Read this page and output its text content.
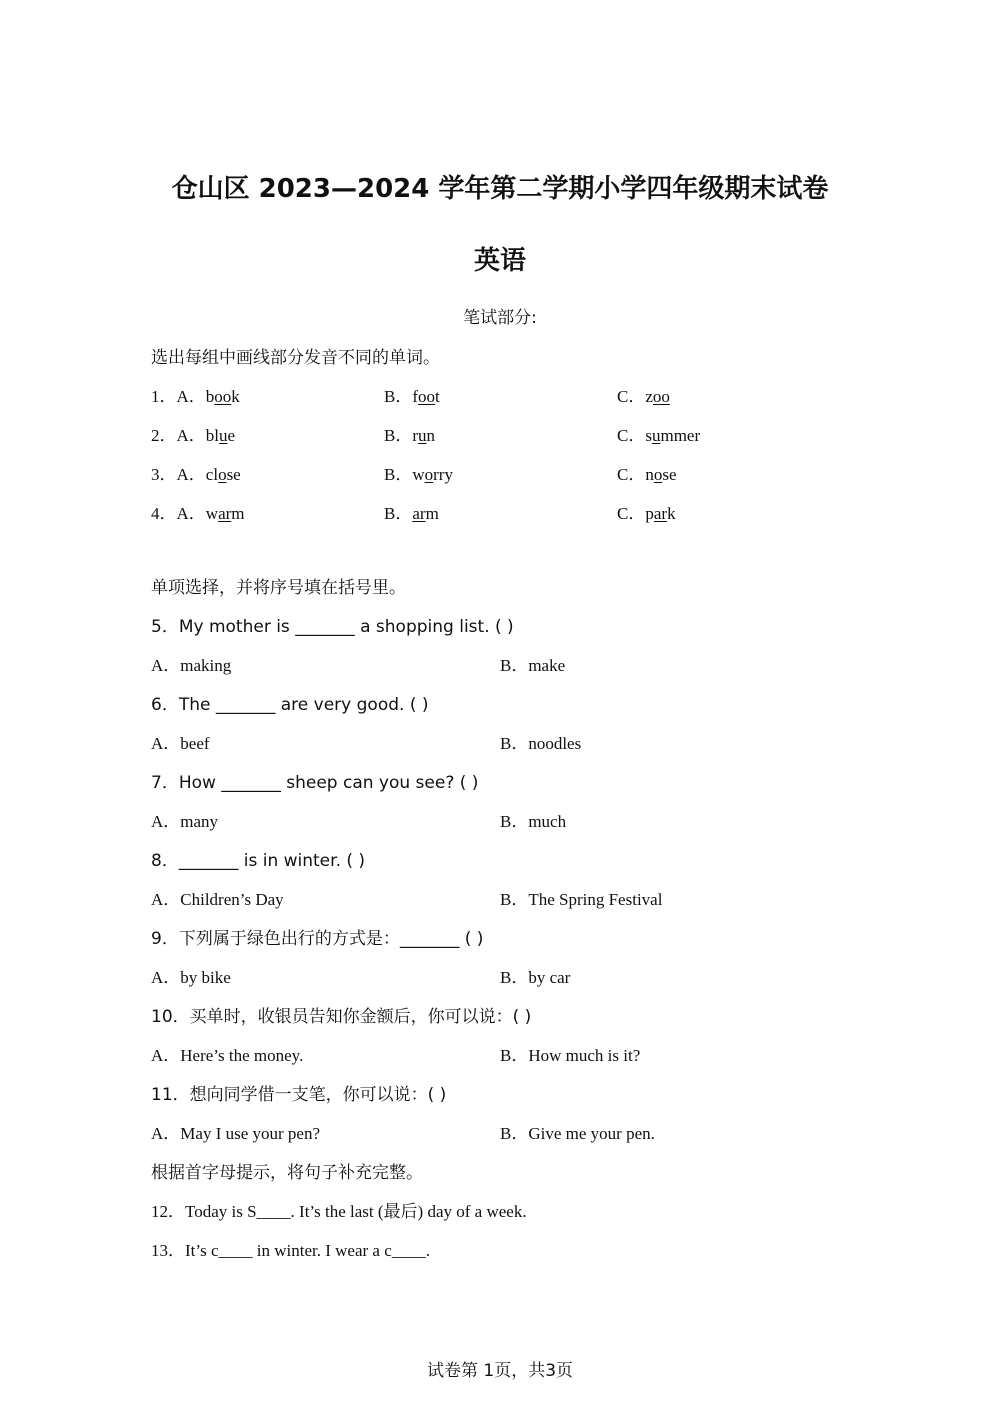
仓山区 2023—2024 学年第二学期小学四年级期末试卷
英语
笔试部分:
选出每组中画线部分发音不同的单词。
1．A．book	B．foot	C．zoo
2．A．blue	B．run	C．summer
3．A．close	B．worry	C．nose
4．A．warm	B．arm	C．park
单项选择，并将序号填在括号里。
5．My mother is _______ a shopping list. ( )
A．making	B．make
6．The _______ are very good. ( )
A．beef	B．noodles
7．How _______ sheep can you see? ( )
A．many	B．much
8．_______ is in winter. ( )
A．Children’s Day	B．The Spring Festival
9．下列属于绿色出行的方式是：_______ ( )
A．by bike	B．by car
10．买单时，收银员告知你金额后，你可以说：( )
A．Here’s the money.	B．How much is it?
11．想向同学借一支笔，你可以说：( )
A．May I use your pen?	B．Give me your pen.
根据首字母提示，将句子补充完整。
12．Today is S____. It’s the last (最后) day of a week.
13．It’s c____ in winter. I wear a c____.
试卷第 1页，共3页
